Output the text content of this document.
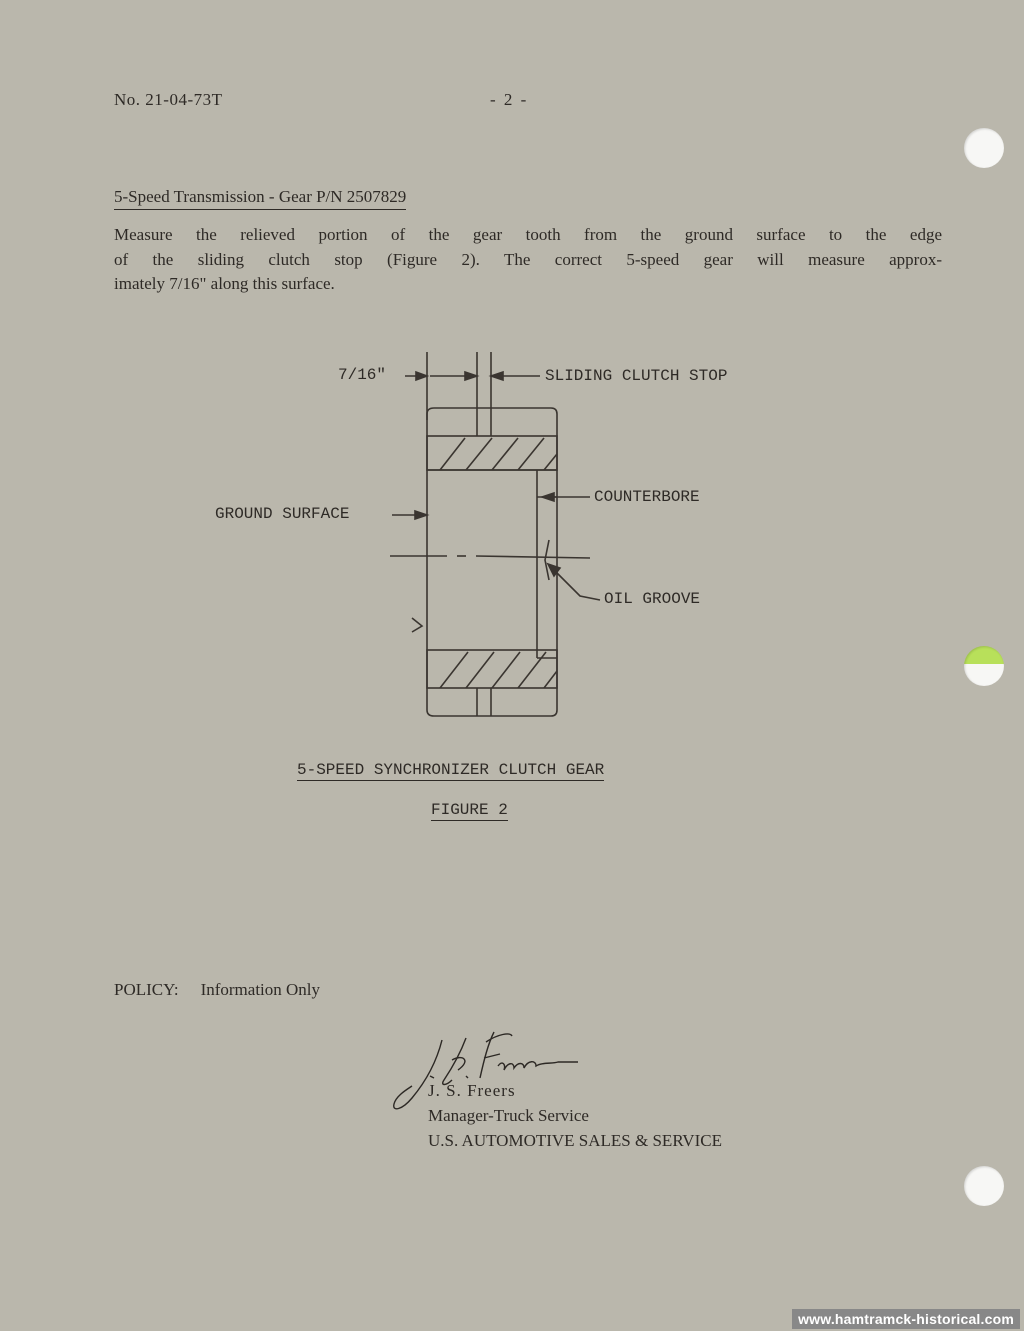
No. 21-04-73T	- 2 -
5-Speed Transmission - Gear P/N 2507829
Measure the relieved portion of the gear tooth from the ground surface to the edge
of the sliding clutch stop (Figure 2). The correct 5-speed gear will measure approx-
imately 7/16" along this surface.
7/16"	SLIDING CLUTCH STOP
GROUND SURFACE
COUNTERBORE
OIL GROOVE
5-SPEED SYNCHRONIZER CLUTCH GEAR
FIGURE 2
POLICY: Information Only
J. S. Freers
Manager-Truck Service
U.S. AUTOMOTIVE SALES & SERVICE
www.hamtramck-historical.com
